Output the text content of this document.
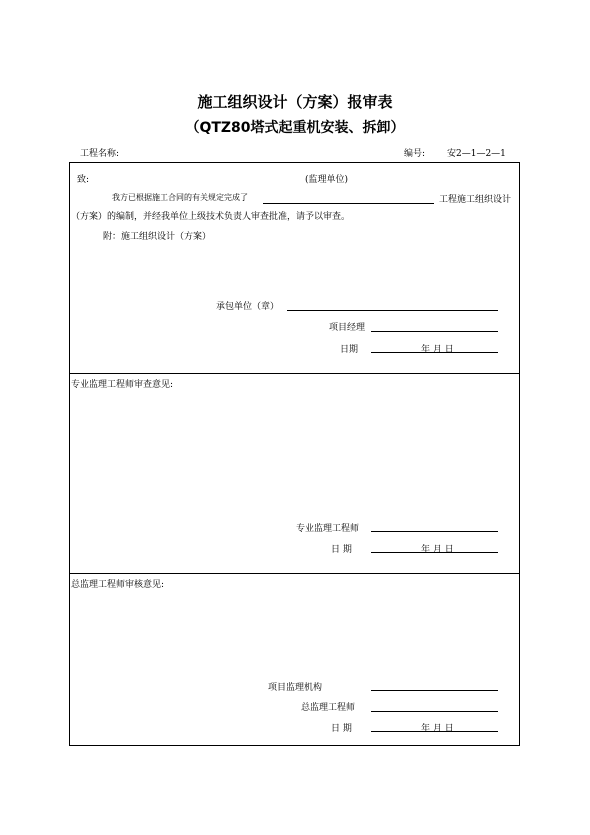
施工组织设计（方案）报审表
（QTZ80塔式起重机安装、拆卸）
工程名称:	编号: 安2—1—2—1
致:	(监理单位)
我方已根据施工合同的有关规定完成了	工程施工组织设计
（方案）的编制，并经我单位上级技术负责人审查批准，请予以审查。
附：施工组织设计（方案）
承包单位（章）
项目经理
日期	年 月 日
专业监理工程师审查意见:
专业监理工程师
日 期	年 月 日
总监理工程师审核意见:
项目监理机构
总监理工程师
日 期	年 月 日
